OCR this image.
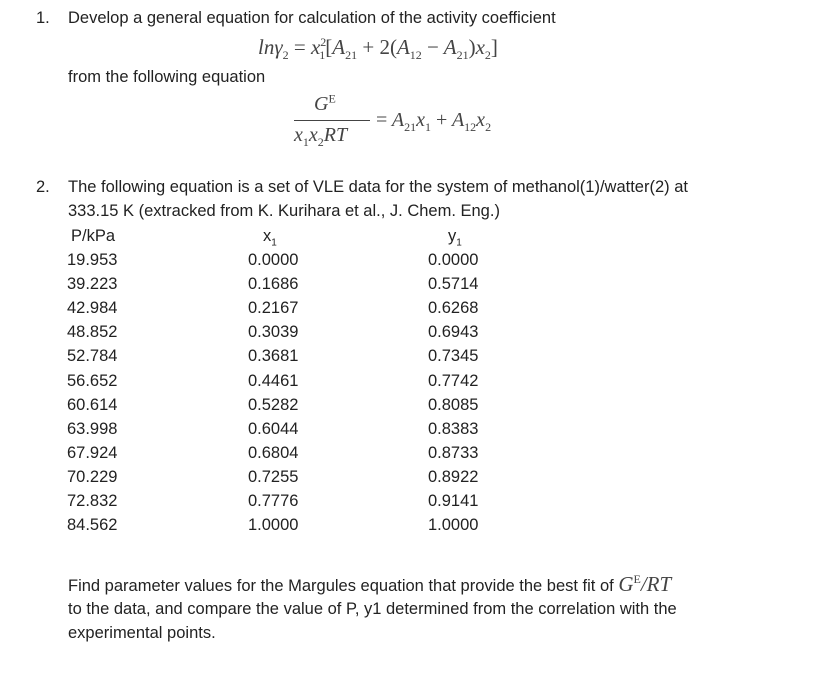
1. Develop a general equation for calculation of the activity coefficient
$\ln\gamma_2 = x^2_1[A_{21} + 2(A_{12} - A_{21})x_2]$
from the following equation
$G^E$
$x_1x_2RT$
= $A_{21}x_1 + A_{12}x_2$
2. The following equation is a set of VLE data for the system of methanol(1)/watter(2) at
333.15 K (extracked from K. Kurihara et al., J. Chem. Eng.)
P/kPa	$x_1$	$y_1$
19.953	0.0000	0.0000
39.223	0.1686	0.5714
42.984	0.2167	0.6268
48.852	0.3039	0.6943
52.784	0.3681	0.7345
56.652	0.4461	0.7742
60.614	0.5282	0.8085
63.998	0.6044	0.8383
67.924	0.6804	0.8733
70.229	0.7255	0.8922
72.832	0.7776	0.9141
84.562	1.0000	1.0000
Find parameter values for the Margules equation that provide the best fit of $G^E/RT$
to the data, and compare the value of P, y1 determined from the correlation with the
experimental points.
